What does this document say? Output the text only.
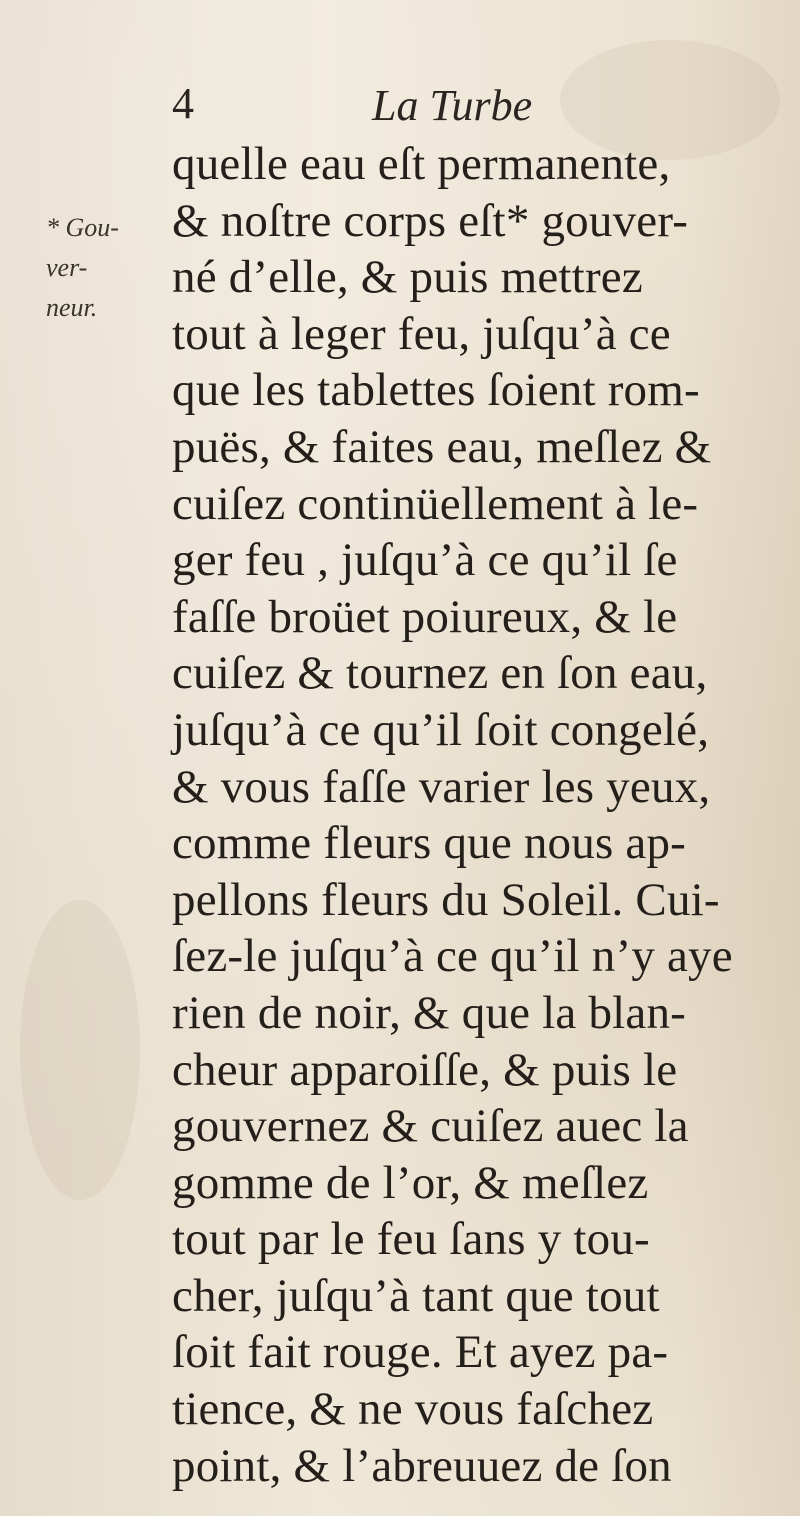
4	La Turbe
* Gou-
ver-
neur.
quelle eau eſt permanente,
& noſtre corps eſt* gouver-
né d’elle, & puis mettrez
tout à leger feu, juſqu’à ce
que les tablettes ſoient rom-
puës, & faites eau, meſlez &
cuiſez continüellement à le-
ger feu , juſqu’à ce qu’il ſe
faſſe broüet poiureux, & le
cuiſez & tournez en ſon eau,
juſqu’à ce qu’il ſoit congelé,
& vous faſſe varier les yeux,
comme fleurs que nous ap-
pellons fleurs du Soleil. Cui-
ſez-le juſqu’à ce qu’il n’y aye
rien de noir, & que la blan-
cheur apparoiſſe, & puis le
gouvernez & cuiſez auec la
gomme de l’or, & meſlez
tout par le feu ſans y tou-
cher, juſqu’à tant que tout
ſoit fait rouge. Et ayez pa-
tience, & ne vous faſchez
point, & l’abreuuez de ſon
